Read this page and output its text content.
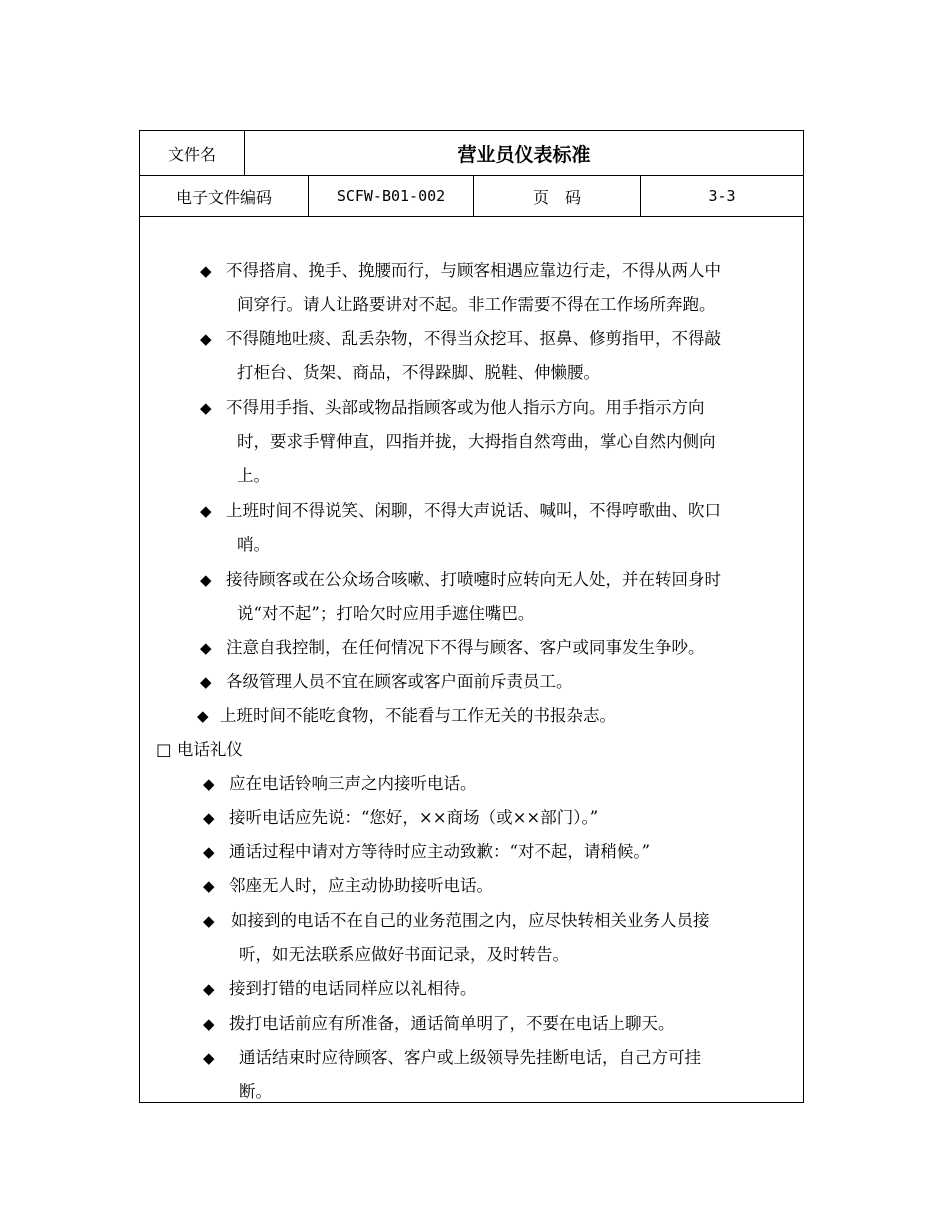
文件名	营业员仪表标准
电子文件编码	SCFW-B01-002	页　码	3-3
◆ 不得搭肩、挽手、挽腰而行，与顾客相遇应靠边行走，不得从两人中
间穿行。请人让路要讲对不起。非工作需要不得在工作场所奔跑。
◆ 不得随地吐痰、乱丢杂物，不得当众挖耳、抠鼻、修剪指甲，不得敲
打柜台、货架、商品，不得跺脚、脱鞋、伸懒腰。
◆ 不得用手指、头部或物品指顾客或为他人指示方向。用手指示方向
时，要求手臂伸直，四指并拢，大拇指自然弯曲，掌心自然内侧向
上。
◆ 上班时间不得说笑、闲聊，不得大声说话、喊叫，不得哼歌曲、吹口
哨。
◆ 接待顾客或在公众场合咳嗽、打喷嚏时应转向无人处，并在转回身时
说“对不起”；打哈欠时应用手遮住嘴巴。
◆ 注意自我控制，在任何情况下不得与顾客、客户或同事发生争吵。
◆ 各级管理人员不宜在顾客或客户面前斥责员工。
◆ 上班时间不能吃食物，不能看与工作无关的书报杂志。
□ 电话礼仪
◆ 应在电话铃响三声之内接听电话。
◆ 接听电话应先说：“您好，××商场（或××部门）。”
◆ 通话过程中请对方等待时应主动致歉：“对不起，请稍候。”
◆ 邻座无人时，应主动协助接听电话。
◆ 如接到的电话不在自己的业务范围之内，应尽快转相关业务人员接
听，如无法联系应做好书面记录，及时转告。
◆ 接到打错的电话同样应以礼相待。
◆ 拨打电话前应有所准备，通话简单明了，不要在电话上聊天。
◆ 通话结束时应待顾客、客户或上级领导先挂断电话，自己方可挂
断。
